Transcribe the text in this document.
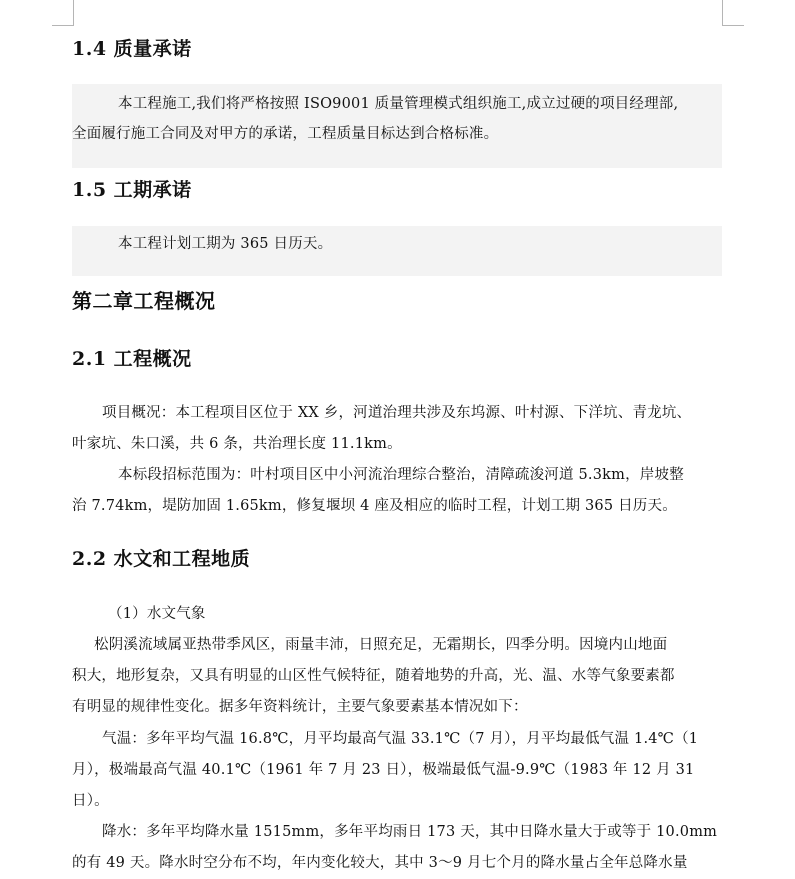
1.4 质量承诺
本工程施工,我们将严格按照 ISO9001 质量管理模式组织施工,成立过硬的项目经理部,
全面履行施工合同及对甲方的承诺，工程质量目标达到合格标准。
1.5 工期承诺
本工程计划工期为 365 日历天。
第二章工程概况
2.1 工程概况
项目概况：本工程项目区位于 XX 乡，河道治理共涉及东坞源、叶村源、下洋坑、青龙坑、
叶家坑、朱口溪，共 6 条，共治理长度 11.1km。
本标段招标范围为：叶村项目区中小河流治理综合整治，清障疏浚河道 5.3km，岸坡整
治 7.74km，堤防加固 1.65km，修复堰坝 4 座及相应的临时工程，计划工期 365 日历天。
2.2 水文和工程地质
（1）水文气象
松阴溪流域属亚热带季风区，雨量丰沛，日照充足，无霜期长，四季分明。因境内山地面
积大，地形复杂，又具有明显的山区性气候特征，随着地势的升高，光、温、水等气象要素都
有明显的规律性变化。据多年资料统计，主要气象要素基本情况如下：
气温：多年平均气温 16.8℃，月平均最高气温 33.1℃（7 月），月平均最低气温 1.4℃（1
月），极端最高气温 40.1℃（1961 年 7 月 23 日），极端最低气温-9.9℃（1983 年 12 月 31
日）。
降水：多年平均降水量 1515mm，多年平均雨日 173 天，其中日降水量大于或等于 10.0mm
的有 49 天。降水时空分布不均，年内变化较大，其中 3～9 月七个月的降水量占全年总降水量
